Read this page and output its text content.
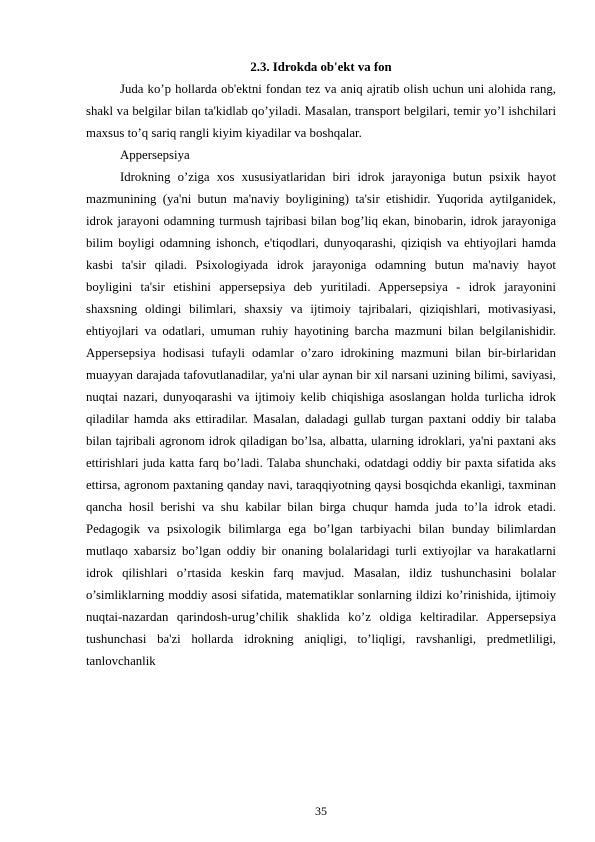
2.3. Idrokda ob'ekt va fon

Juda ko’p hollarda ob'ektni fondan tez va aniq ajratib olish uchun uni alohida rang, shakl va belgilar bilan ta'kidlab qo’yiladi. Masalan, transport belgilari, temir yo’l ishchilari maxsus to’q sariq rangli kiyim kiyadilar va boshqalar.

Appersepsiya

Idrokning o’ziga xos xususiyatlaridan biri idrok jarayoniga butun psixik hayot mazmunining (ya'ni butun ma'naviy boyligining) ta'sir etishidir. Yuqorida aytilganidek, idrok jarayoni odamning turmush tajribasi bilan bog’liq ekan, binobarin, idrok jarayoniga bilim boyligi odamning ishonch, e'tiqodlari, dunyoqarashi, qiziqish va ehtiyojlari hamda kasbi ta'sir qiladi. Psixologiyada idrok jarayoniga odamning butun ma'naviy hayot boyligini ta'sir etishini appersepsiya deb yuritiladi. Appersepsiya - idrok jarayonini shaxsning oldingi bilimlari, shaxsiy va ijtimoiy tajribalari, qiziqishlari, motivasiyasi, ehtiyojlari va odatlari, umuman ruhiy hayotining barcha mazmuni bilan belgilanishidir. Appersepsiya hodisasi tufayli odamlar o’zaro idrokining mazmuni bilan bir-birlaridan muayyan darajada tafovutlanadilar, ya'ni ular aynan bir xil narsani uzining bilimi, saviyasi, nuqtai nazari, dunyoqarashi va ijtimoiy kelib chiqishiga asoslangan holda turlicha idrok qiladilar hamda aks ettiradilar. Masalan, daladagi gullab turgan paxtani oddiy bir talaba bilan tajribali agronom idrok qiladigan bo’lsa, albatta, ularning idroklari, ya'ni paxtani aks ettirishlari juda katta farq bo’ladi. Talaba shunchaki, odatdagi oddiy bir paxta sifatida aks ettirsa, agronom paxtaning qanday navi, taraqqiyotning qaysi bosqichda ekanligi, taxminan qancha hosil berishi va shu kabilar bilan birga chuqur hamda juda to’la idrok etadi. Pedagogik va psixologik bilimlarga ega bo’lgan tarbiyachi bilan bunday bilimlardan mutlaqo xabarsiz bo’lgan oddiy bir onaning bolalaridagi turli extiyojlar va harakatlarni idrok qilishlari o’rtasida keskin farq mavjud. Masalan, ildiz tushunchasini bolalar o’simliklarning moddiy asosi sifatida, matematiklar sonlarning ildizi ko’rinishida, ijtimoiy nuqtai-nazardan qarindosh-urug’chilik shaklida ko’z oldiga keltiradilar. Appersepsiya tushunchasi ba'zi hollarda idrokning aniqligi, to’liqligi, ravshanligi, predmetliligi, tanlovchanlik

35
